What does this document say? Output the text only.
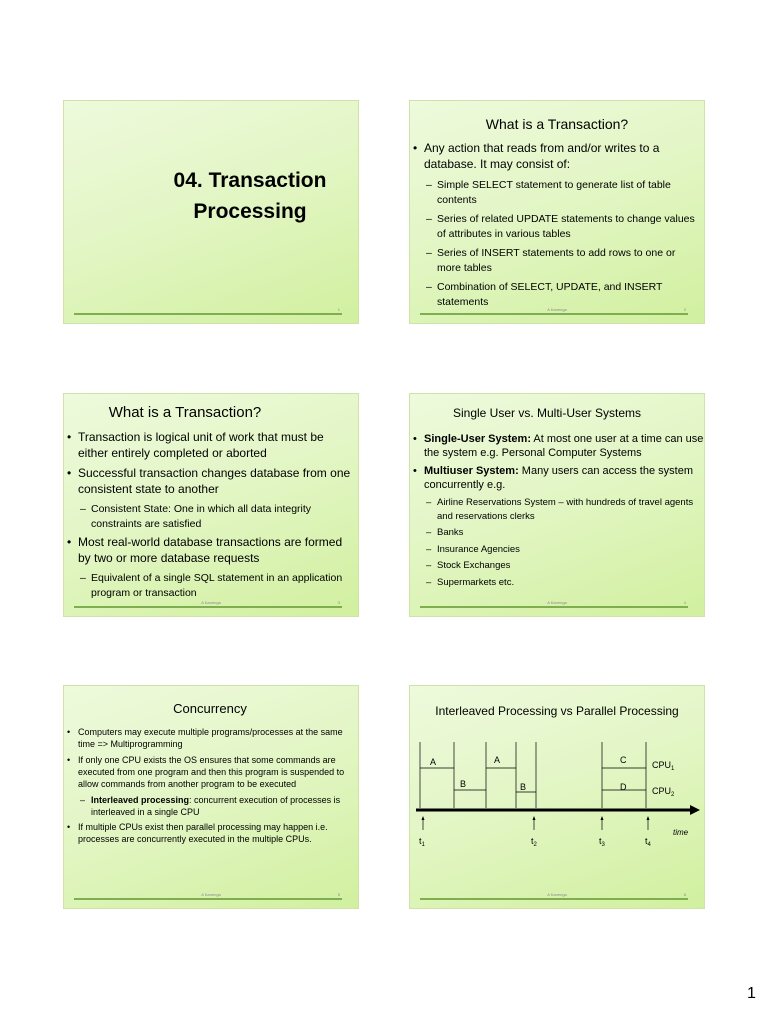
04. Transaction Processing
1
What is a Transaction?
• Any action that reads from and/or writes to a database. It may consist of:
– Simple SELECT statement to generate list of table contents
– Series of related UPDATE statements to change values of attributes in various tables
– Series of INSERT statements to add rows to one or more tables
– Combination of SELECT, UPDATE, and INSERT statements
A Kanenga	2
What is a Transaction?
• Transaction is logical unit of work that must be either entirely completed or aborted
• Successful transaction changes database from one consistent state to another
– Consistent State: One in which all data integrity constraints are satisfied
• Most real-world database transactions are formed by two or more database requests
– Equivalent of a single SQL statement in an application program or transaction
A Kanenga	3
Single User vs. Multi-User Systems
• Single-User System: At most one user at a time can use the system e.g. Personal Computer Systems
• Multiuser System: Many users can access the system concurrently e.g.
– Airline Reservations System – with hundreds of travel agents and reservations clerks
– Banks
– Insurance Agencies
– Stock Exchanges
– Supermarkets etc.
A Kanenga	4
Concurrency
• Computers may execute multiple programs/processes at the same time => Multiprogramming
• If only one CPU exists the OS ensures that some commands are executed from one program and then this program is suspended to allow commands from another program to be executed
– Interleaved processing: concurrent execution of processes is interleaved in a single CPU
• If multiple CPUs exist then parallel processing may happen i.e. processes are concurrently executed in the multiple CPUs.
A Kanenga	5
Interleaved Processing vs Parallel Processing
A	A
B	B
C
D
$CPU_1$
$CPU_2$
$t_1$	$t_2$	$t_3$	$t_4$
time
A Kanenga	6
1
